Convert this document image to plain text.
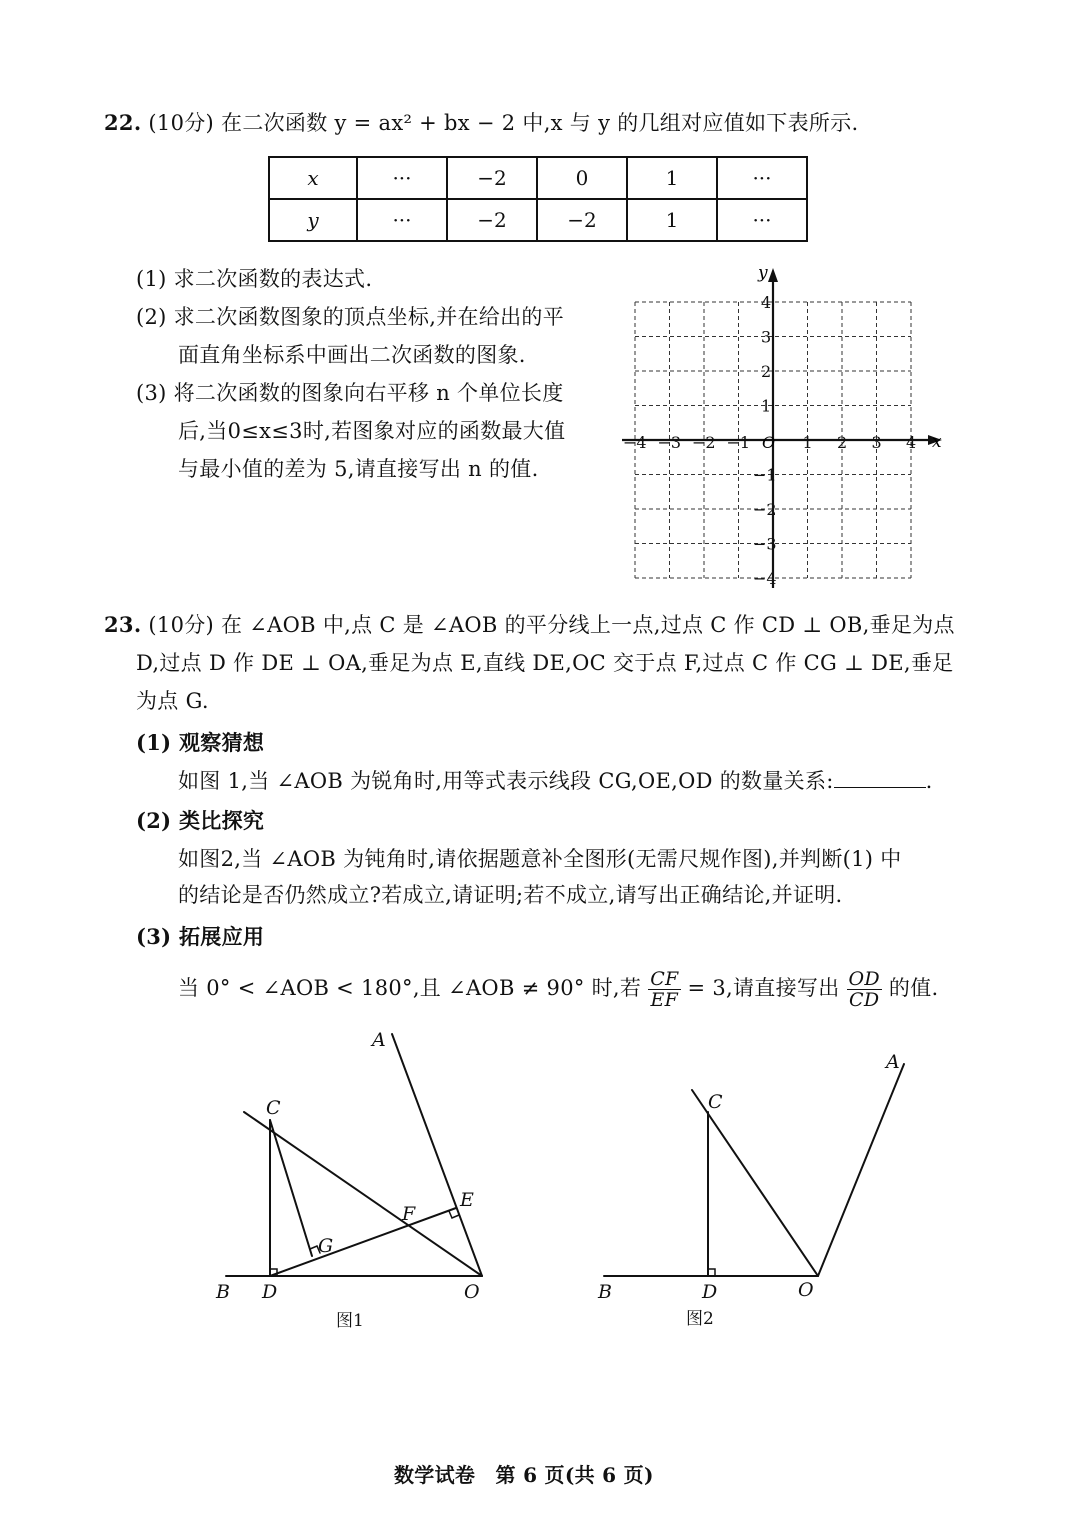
22. (10分) 在二次函数 y = ax² + bx − 2 中,x 与 y 的几组对应值如下表所示.
x	···	−2	0	1	···
y	···	−2	−2	1	···
(1) 求二次函数的表达式.
(2) 求二次函数图象的顶点坐标,并在给出的平
面直角坐标系中画出二次函数的图象.
(3) 将二次函数的图象向右平移 n 个单位长度
后,当0≤x≤3时,若图象对应的函数最大值
与最小值的差为 5,请直接写出 n 的值.
−4 −3 −2 −1	1 2 3 4
4
3
2
1
−1
−2
−3
−4
x
y
O
23. (10分) 在 ∠AOB 中,点 C 是 ∠AOB 的平分线上一点,过点 C 作 CD ⊥ OB,垂足为点
D,过点 D 作 DE ⊥ OA,垂足为点 E,直线 DE,OC 交于点 F,过点 C 作 CG ⊥ DE,垂足
为点 G.
(1) 观察猜想
如图 1,当 ∠AOB 为锐角时,用等式表示线段 CG,OE,OD 的数量关系:	.
(2) 类比探究
如图2,当 ∠AOB 为钝角时,请依据题意补全图形(无需尺规作图),并判断(1) 中
的结论是否仍然成立?若成立,请证明;若不成立,请写出正确结论,并证明.
(3) 拓展应用
当 0° < ∠AOB < 180°,且 ∠AOB ≠ 90° 时,若 $\frac{CF}{EF} = 3$,请直接写出 $\frac{OD}{CD}$ 的值.
A
C
E
F
G
B D	O
图1
A
C
B	D	O
图2
数学试卷　第 6 页(共 6 页)
